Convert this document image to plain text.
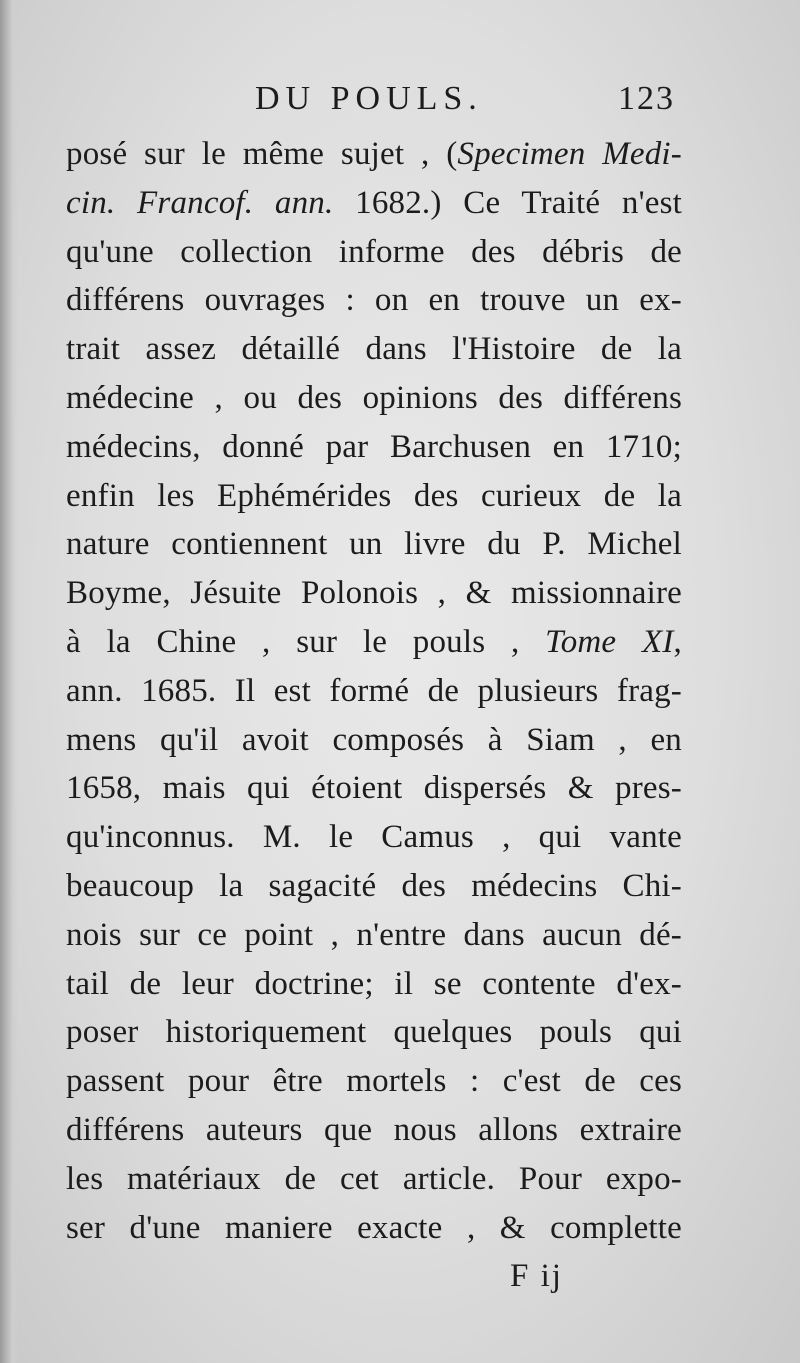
DU POULS.	123
posé sur le même sujet , (Specimen Medi-
cin. Francof. ann. 1682.) Ce Traité n'est
qu'une collection informe des débris de
différens ouvrages : on en trouve un ex-
trait assez détaillé dans l'Histoire de la
médecine , ou des opinions des différens
médecins, donné par Barchusen en 1710;
enfin les Ephémérides des curieux de la
nature contiennent un livre du P. Michel
Boyme, Jésuite Polonois , & missionnaire
à la Chine , sur le pouls , Tome XI,
ann. 1685. Il est formé de plusieurs frag-
mens qu'il avoit composés à Siam , en
1658, mais qui étoient dispersés & pres-
qu'inconnus. M. le Camus , qui vante
beaucoup la sagacité des médecins Chi-
nois sur ce point , n'entre dans aucun dé-
tail de leur doctrine; il se contente d'ex-
poser historiquement quelques pouls qui
passent pour être mortels : c'est de ces
différens auteurs que nous allons extraire
les matériaux de cet article. Pour expo-
ser d'une maniere exacte , & complette
F ij
